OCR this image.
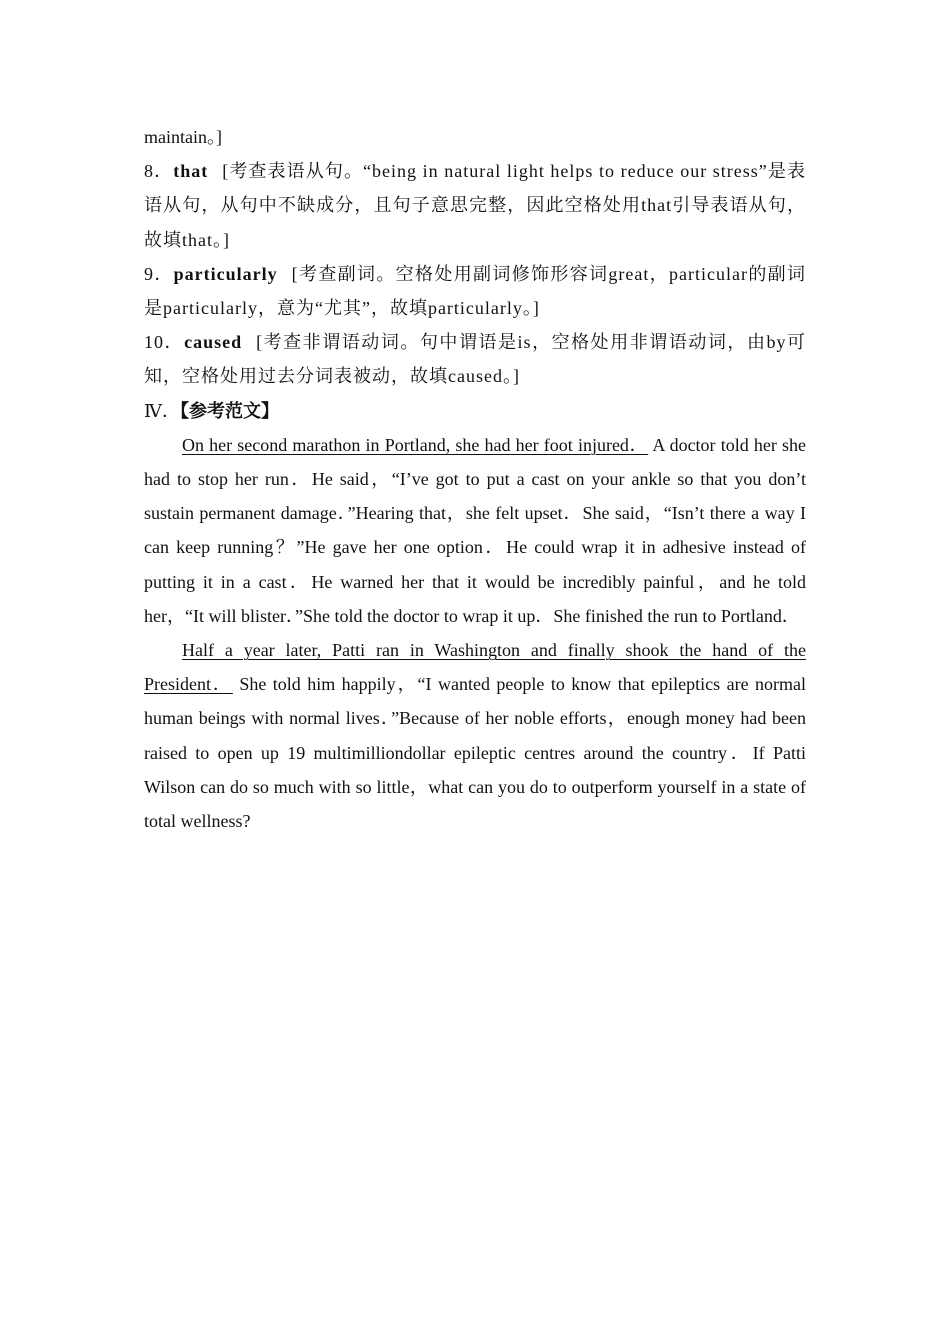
maintain。]

8．that [考查表语从句。“being in natural light helps to reduce our stress”是表语从句，从句中不缺成分，且句子意思完整，因此空格处用that引导表语从句，故填that。]

9．particularly [考查副词。空格处用副词修饰形容词great，particular的副词是particularly，意为“尤其”，故填particularly。]

10．caused [考查非谓语动词。句中谓语是is，空格处用非谓语动词，由by可知，空格处用过去分词表被动，故填caused。]

Ⅳ．【参考范文】

On her second marathon in Portland, she had her foot injured． A doctor told her she had to stop her run．He said，“I’ve got to put a cast on your ankle so that you don’t sustain permanent damage．”Hearing that，she felt upset．She said，“Isn’t there a way I can keep running？”He gave her one option．He could wrap it in adhesive instead of putting it in a cast．He warned her that it would be incredibly painful，and he told her，“It will blister．”She told the doctor to wrap it up．She finished the run to Portland．

Half a year later, Patti ran in Washington and finally shook the hand of the President． She told him happily，“I wanted people to know that epileptics are normal human beings with normal lives．”Because of her noble efforts，enough money had been raised to open up 19 multimilliondollar epileptic centres around the country．If Patti Wilson can do so much with so little，what can you do to outperform yourself in a state of total wellness?
